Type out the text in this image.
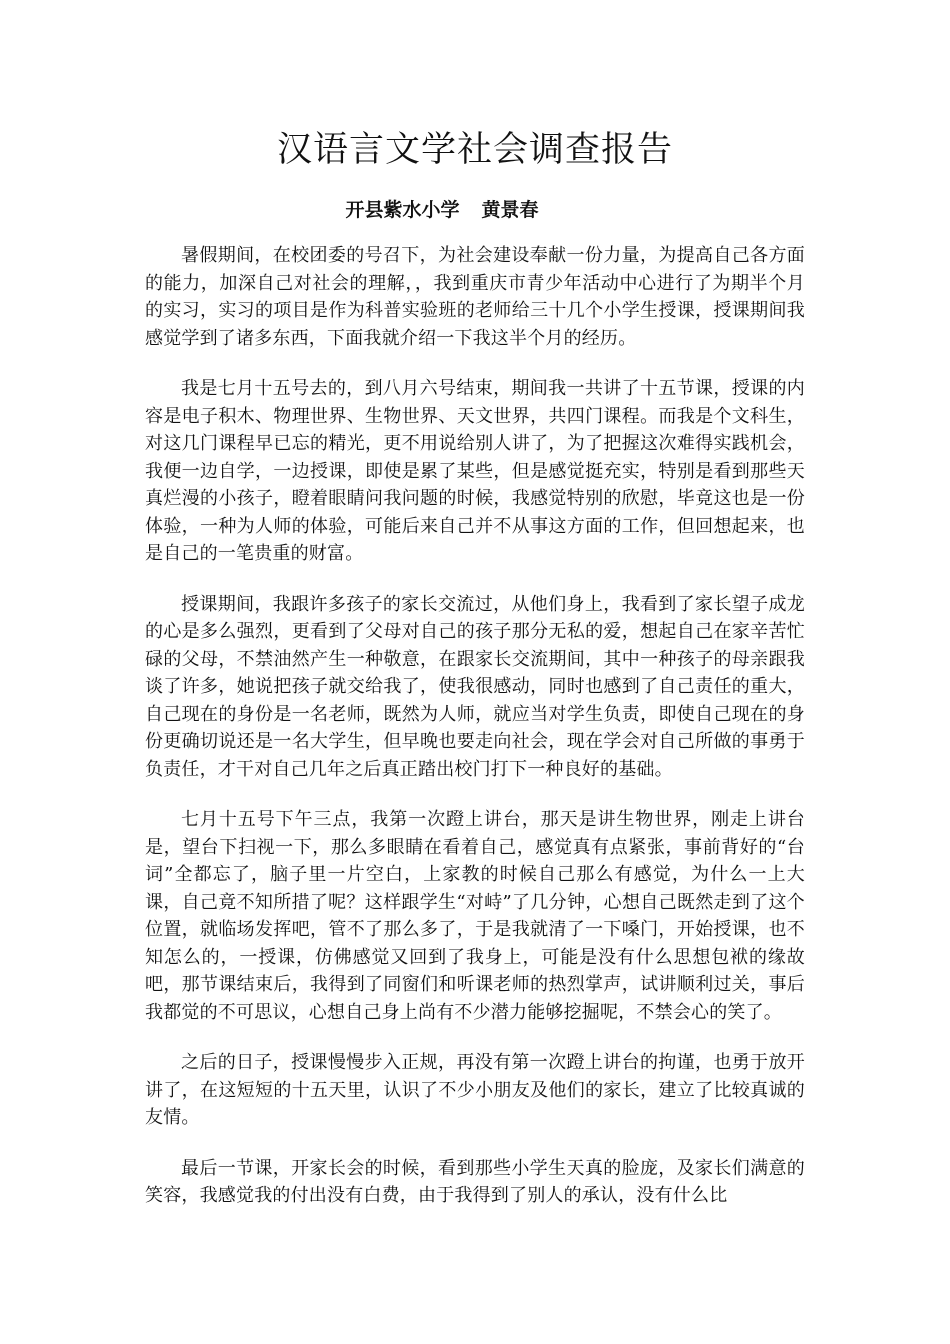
汉语言文学社会调查报告
开县紫水小学 黄景春

暑假期间，在校团委的号召下，为社会建设奉献一份力量，为提高自己各方面的能力，加深自己对社会的理解，，我到重庆市青少年活动中心进行了为期半个月的实习，实习的项目是作为科普实验班的老师给三十几个小学生授课，授课期间我感觉学到了诸多东西，下面我就介绍一下我这半个月的经历。

我是七月十五号去的，到八月六号结束，期间我一共讲了十五节课，授课的内容是电子积木、物理世界、生物世界、天文世界，共四门课程。而我是个文科生，对这几门课程早已忘的精光，更不用说给别人讲了，为了把握这次难得实践机会，我便一边自学，一边授课，即使是累了某些，但是感觉挺充实，特别是看到那些天真烂漫的小孩子，瞪着眼睛问我问题的时候，我感觉特别的欣慰，毕竟这也是一份体验，一种为人师的体验，可能后来自己并不从事这方面的工作，但回想起来，也是自己的一笔贵重的财富。

授课期间，我跟许多孩子的家长交流过，从他们身上，我看到了家长望子成龙的心是多么强烈，更看到了父母对自己的孩子那分无私的爱，想起自己在家辛苦忙碌的父母，不禁油然产生一种敬意，在跟家长交流期间，其中一种孩子的母亲跟我谈了许多，她说把孩子就交给我了，使我很感动，同时也感到了自己责任的重大，自己现在的身份是一名老师，既然为人师，就应当对学生负责，即使自己现在的身份更确切说还是一名大学生，但早晚也要走向社会，现在学会对自己所做的事勇于负责任，才干对自己几年之后真正踏出校门打下一种良好的基础。

七月十五号下午三点，我第一次蹬上讲台，那天是讲生物世界，刚走上讲台是，望台下扫视一下，那么多眼睛在看着自己，感觉真有点紧张，事前背好的“台词”全都忘了，脑子里一片空白，上家教的时候自己那么有感觉，为什么一上大课，自己竟不知所措了呢？这样跟学生“对峙”了几分钟，心想自己既然走到了这个位置，就临场发挥吧，管不了那么多了，于是我就清了一下嗓门，开始授课，也不知怎么的，一授课，仿佛感觉又回到了我身上，可能是没有什么思想包袱的缘故吧，那节课结束后，我得到了同窗们和听课老师的热烈掌声，试讲顺利过关，事后我都觉的不可思议，心想自己身上尚有不少潜力能够挖掘呢，不禁会心的笑了。

之后的日子，授课慢慢步入正规，再没有第一次蹬上讲台的拘谨，也勇于放开讲了，在这短短的十五天里，认识了不少小朋友及他们的家长，建立了比较真诚的友情。

最后一节课，开家长会的时候，看到那些小学生天真的脸庞，及家长们满意的笑容，我感觉我的付出没有白费，由于我得到了别人的承认，没有什么比
